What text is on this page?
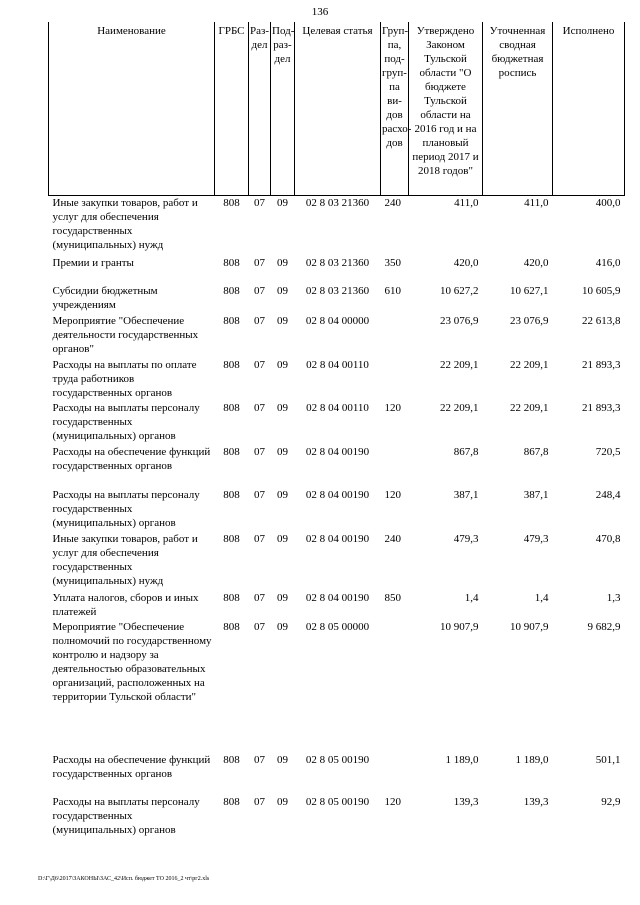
136
Наименование	ГРБС	Раз-дел	Под-раз-дел	Целевая статья	Груп-па, под-груп-па ви-дов расхо-дов	Утверждено Законом Тульской области "О бюджете Тульской области на 2016 год и на плановый период 2017 и 2018 годов"	Уточненная сводная бюджетная роспись	Исполнено
Иные закупки товаров, работ и услуг для обеспечения государственных (муниципальных) нужд	808	07	09	02 8 03 21360	240	411,0	411,0	400,0
Премии и гранты	808	07	09	02 8 03 21360	350	420,0	420,0	416,0
Субсидии бюджетным учреждениям	808	07	09	02 8 03 21360	610	10 627,2	10 627,1	10 605,9
Мероприятие "Обеспечение деятельности государственных органов"	808	07	09	02 8 04 00000		23 076,9	23 076,9	22 613,8
Расходы на выплаты по оплате труда работников государственных органов	808	07	09	02 8 04 00110		22 209,1	22 209,1	21 893,3
Расходы на выплаты персоналу государственных (муниципальных) органов	808	07	09	02 8 04 00110	120	22 209,1	22 209,1	21 893,3
Расходы на обеспечение функций государственных органов	808	07	09	02 8 04 00190		867,8	867,8	720,5
Расходы на выплаты персоналу государственных (муниципальных) органов	808	07	09	02 8 04 00190	120	387,1	387,1	248,4
Иные закупки товаров, работ и услуг для обеспечения государственных (муниципальных) нужд	808	07	09	02 8 04 00190	240	479,3	479,3	470,8
Уплата налогов, сборов и иных платежей	808	07	09	02 8 04 00190	850	1,4	1,4	1,3
Мероприятие "Обеспечение полномочий по государственному контролю и надзору за деятельностью образовательных организаций, расположенных на территории Тульской области"	808	07	09	02 8 05 00000		10 907,9	10 907,9	9 682,9
Расходы на обеспечение функций государственных органов	808	07	09	02 8 05 00190		1 189,0	1 189,0	501,1
Расходы на выплаты персоналу государственных (муниципальных) органов	808	07	09	02 8 05 00190	120	139,3	139,3	92,9
D:\Г\Д6\2017\ЗАКОНЫ\ЗАС_42\Исп. бюджет ТО 2016_2 чт\рг2.xls
